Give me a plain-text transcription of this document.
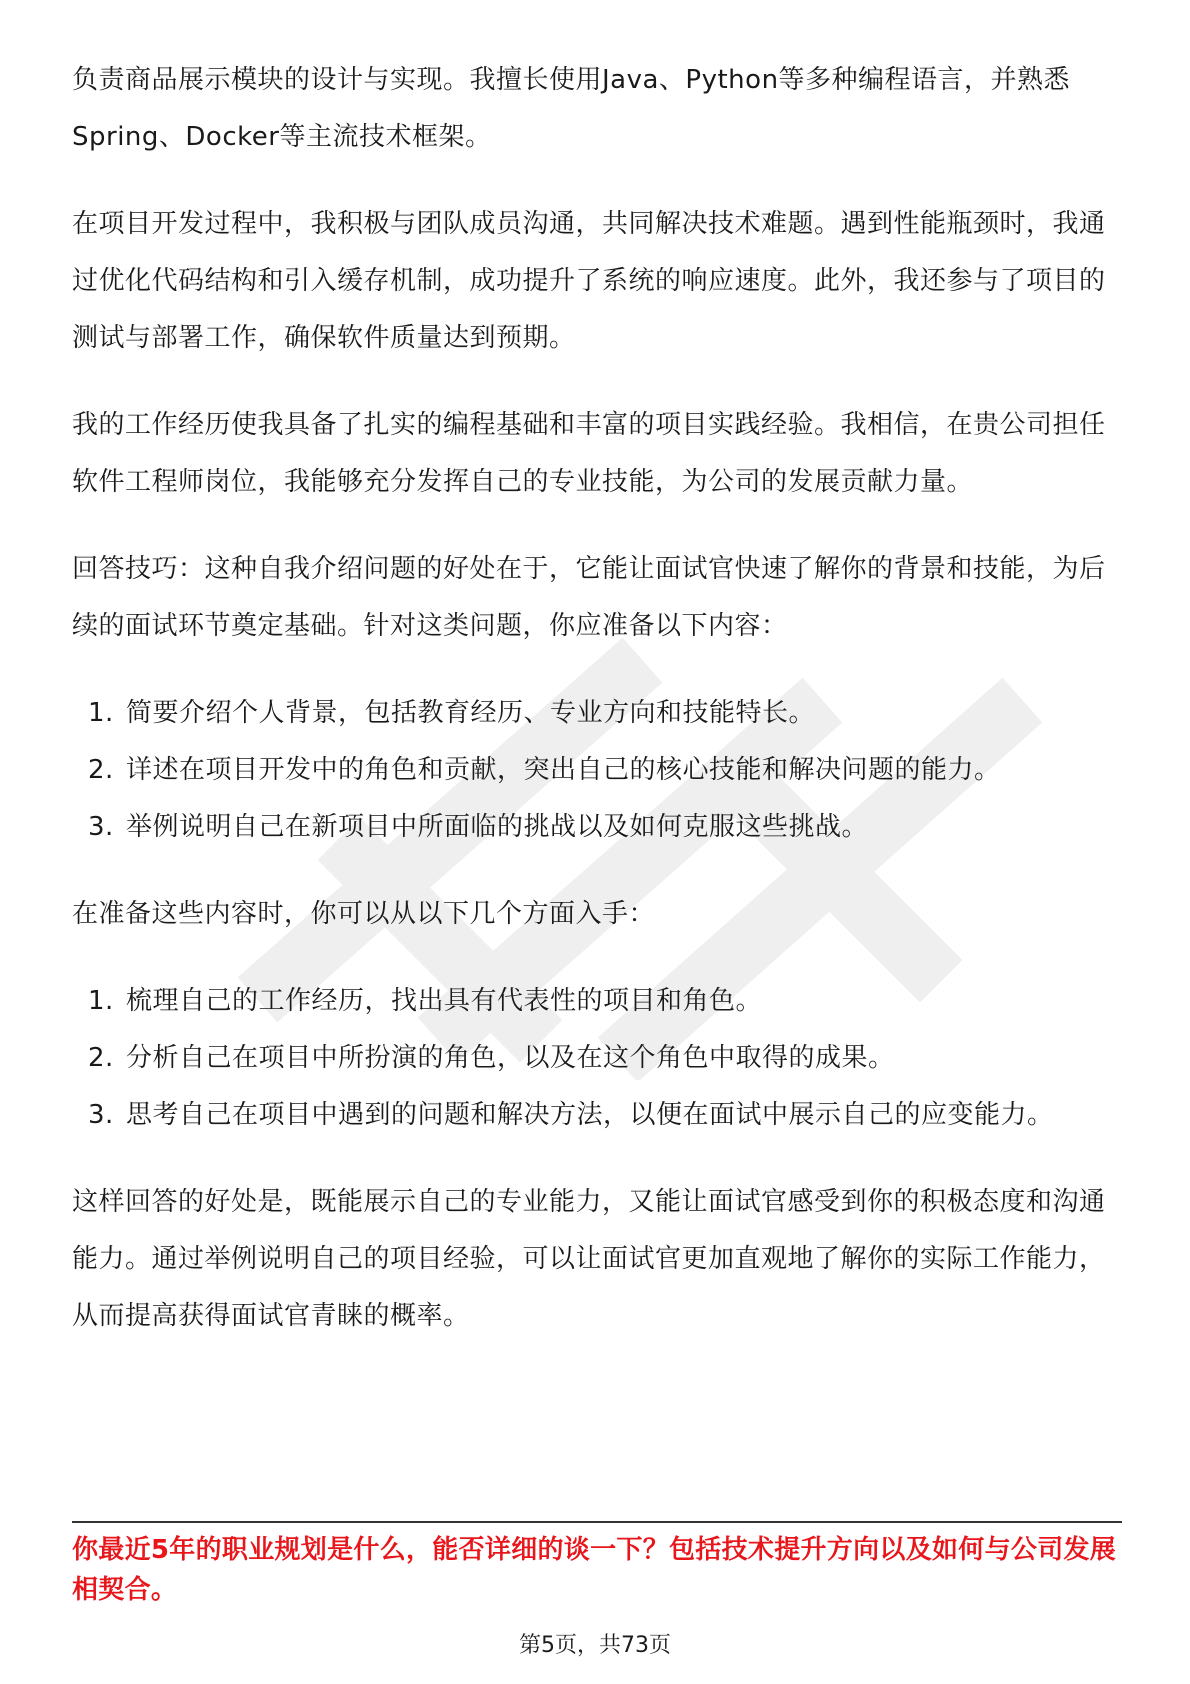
负责商品展示模块的设计与实现。我擅长使用Java、Python等多种编程语言，并熟悉Spring、Docker等主流技术框架。

在项目开发过程中，我积极与团队成员沟通，共同解决技术难题。遇到性能瓶颈时，我通过优化代码结构和引入缓存机制，成功提升了系统的响应速度。此外，我还参与了项目的测试与部署工作，确保软件质量达到预期。

我的工作经历使我具备了扎实的编程基础和丰富的项目实践经验。我相信，在贵公司担任软件工程师岗位，我能够充分发挥自己的专业技能，为公司的发展贡献力量。

回答技巧：这种自我介绍问题的好处在于，它能让面试官快速了解你的背景和技能，为后续的面试环节奠定基础。针对这类问题，你应准备以下内容：

1. 简要介绍个人背景，包括教育经历、专业方向和技能特长。
2. 详述在项目开发中的角色和贡献，突出自己的核心技能和解决问题的能力。
3. 举例说明自己在新项目中所面临的挑战以及如何克服这些挑战。

在准备这些内容时，你可以从以下几个方面入手：

1. 梳理自己的工作经历，找出具有代表性的项目和角色。
2. 分析自己在项目中所扮演的角色，以及在这个角色中取得的成果。
3. 思考自己在项目中遇到的问题和解决方法，以便在面试中展示自己的应变能力。

这样回答的好处是，既能展示自己的专业能力，又能让面试官感受到你的积极态度和沟通能力。通过举例说明自己的项目经验，可以让面试官更加直观地了解你的实际工作能力，从而提高获得面试官青睐的概率。

你最近5年的职业规划是什么，能否详细的谈一下？包括技术提升方向以及如何与公司发展相契合。
第5页，共73页
